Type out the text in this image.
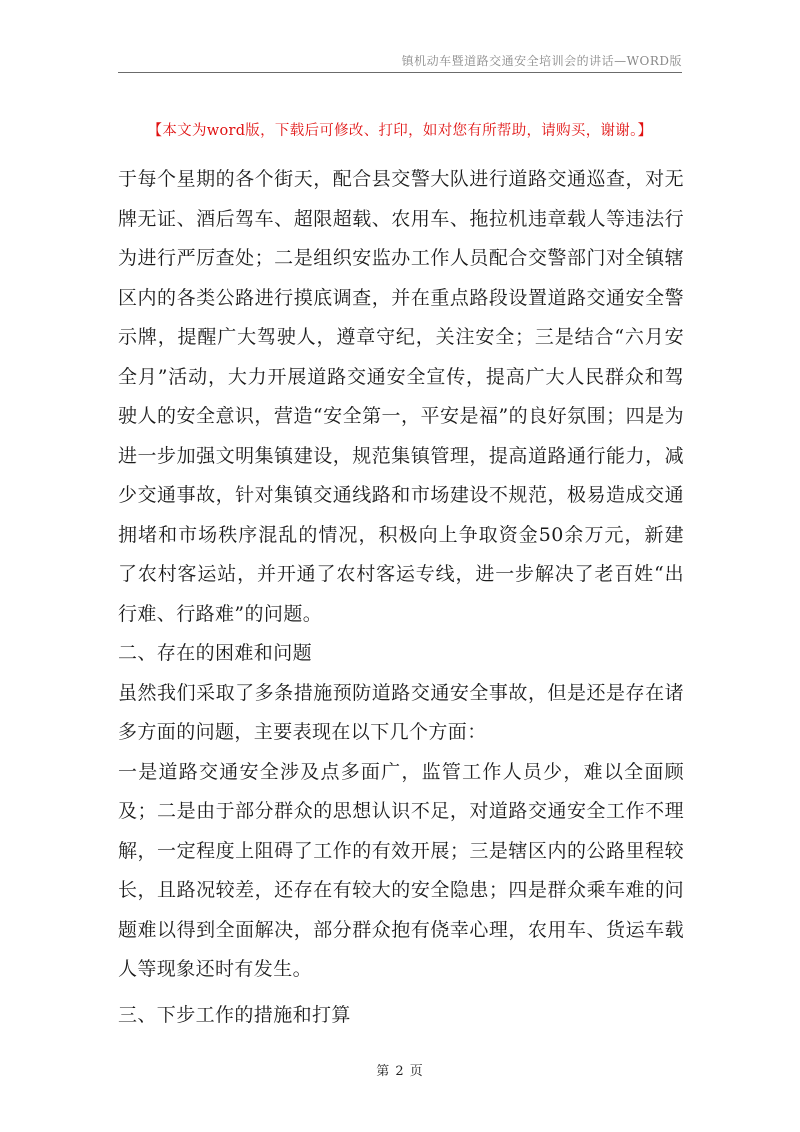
镇机动车暨道路交通安全培训会的讲话—WORD版
【本文为word版，下载后可修改、打印，如对您有所帮助，请购买，谢谢。】

于每个星期的各个街天，配合县交警大队进行道路交通巡查，对无牌无证、酒后驾车、超限超载、农用车、拖拉机违章载人等违法行为进行严厉查处；二是组织安监办工作人员配合交警部门对全镇辖区内的各类公路进行摸底调查，并在重点路段设置道路交通安全警示牌，提醒广大驾驶人，遵章守纪，关注安全；三是结合“六月安全月”活动，大力开展道路交通安全宣传，提高广大人民群众和驾驶人的安全意识，营造“安全第一，平安是福”的良好氛围；四是为进一步加强文明集镇建设，规范集镇管理，提高道路通行能力，减少交通事故，针对集镇交通线路和市场建设不规范，极易造成交通拥堵和市场秩序混乱的情况，积极向上争取资金50余万元，新建了农村客运站，并开通了农村客运专线，进一步解决了老百姓“出行难、行路难”的问题。

二、存在的困难和问题

虽然我们采取了多条措施预防道路交通安全事故，但是还是存在诸多方面的问题，主要表现在以下几个方面：

一是道路交通安全涉及点多面广，监管工作人员少，难以全面顾及；二是由于部分群众的思想认识不足，对道路交通安全工作不理解，一定程度上阻碍了工作的有效开展；三是辖区内的公路里程较长，且路况较差，还存在有较大的安全隐患；四是群众乘车难的问题难以得到全面解决，部分群众抱有侥幸心理，农用车、货运车载人等现象还时有发生。

三、下步工作的措施和打算

第 2 页
